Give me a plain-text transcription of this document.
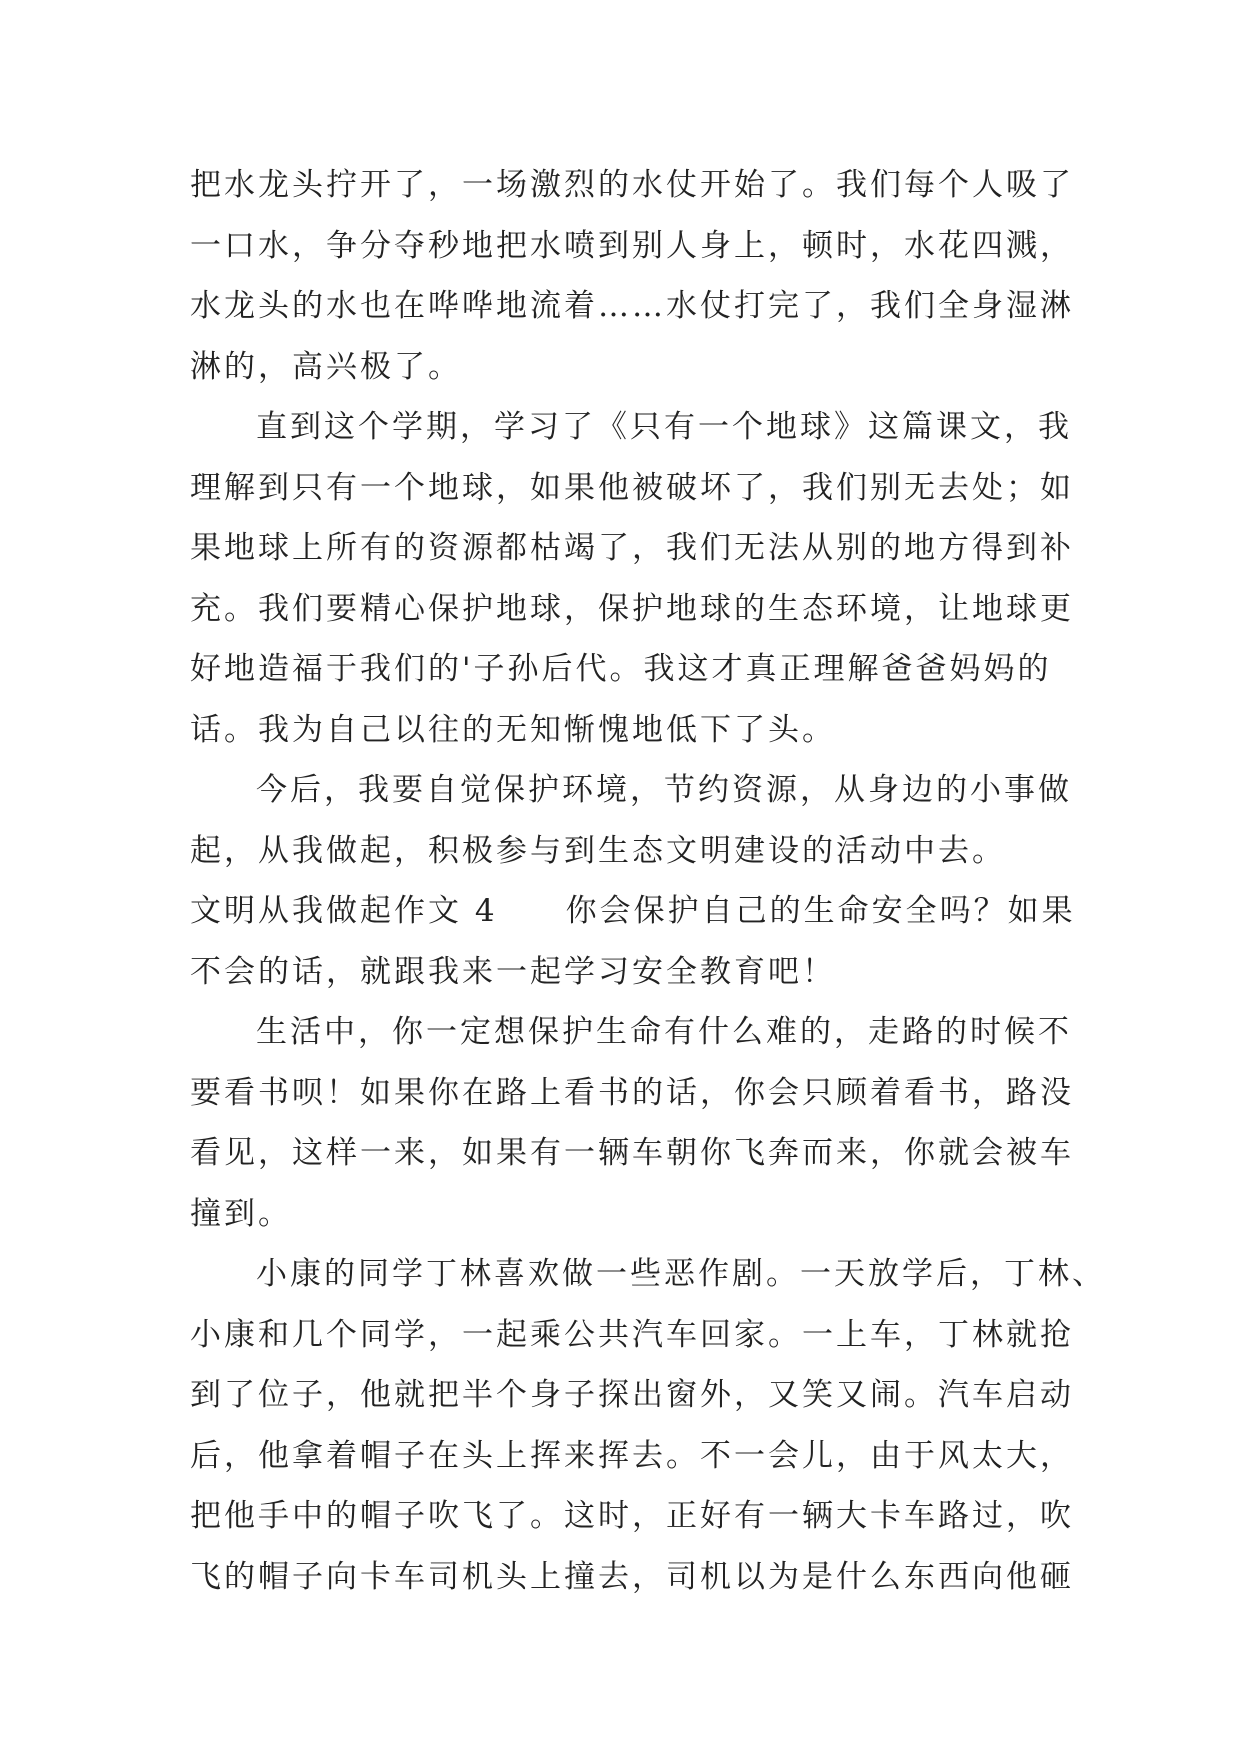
把水龙头拧开了，一场激烈的水仗开始了。我们每个人吸了
一口水，争分夺秒地把水喷到别人身上，顿时，水花四溅，
水龙头的水也在哗哗地流着……水仗打完了，我们全身湿淋
淋的，高兴极了。
直到这个学期，学习了《只有一个地球》这篇课文，我
理解到只有一个地球，如果他被破坏了，我们别无去处；如
果地球上所有的资源都枯竭了，我们无法从别的地方得到补
充。我们要精心保护地球，保护地球的生态环境，让地球更
好地造福于我们的'子孙后代。我这才真正理解爸爸妈妈的
话。我为自己以往的无知惭愧地低下了头。
今后，我要自觉保护环境，节约资源，从身边的小事做
起，从我做起，积极参与到生态文明建设的活动中去。
文明从我做起作文 4　　你会保护自己的生命安全吗？如果
不会的话，就跟我来一起学习安全教育吧！
生活中，你一定想保护生命有什么难的，走路的时候不
要看书呗！如果你在路上看书的话，你会只顾着看书，路没
看见，这样一来，如果有一辆车朝你飞奔而来，你就会被车
撞到。
小康的同学丁林喜欢做一些恶作剧。一天放学后，丁林、
小康和几个同学，一起乘公共汽车回家。一上车，丁林就抢
到了位子，他就把半个身子探出窗外，又笑又闹。汽车启动
后，他拿着帽子在头上挥来挥去。不一会儿，由于风太大，
把他手中的帽子吹飞了。这时，正好有一辆大卡车路过，吹
飞的帽子向卡车司机头上撞去，司机以为是什么东西向他砸
